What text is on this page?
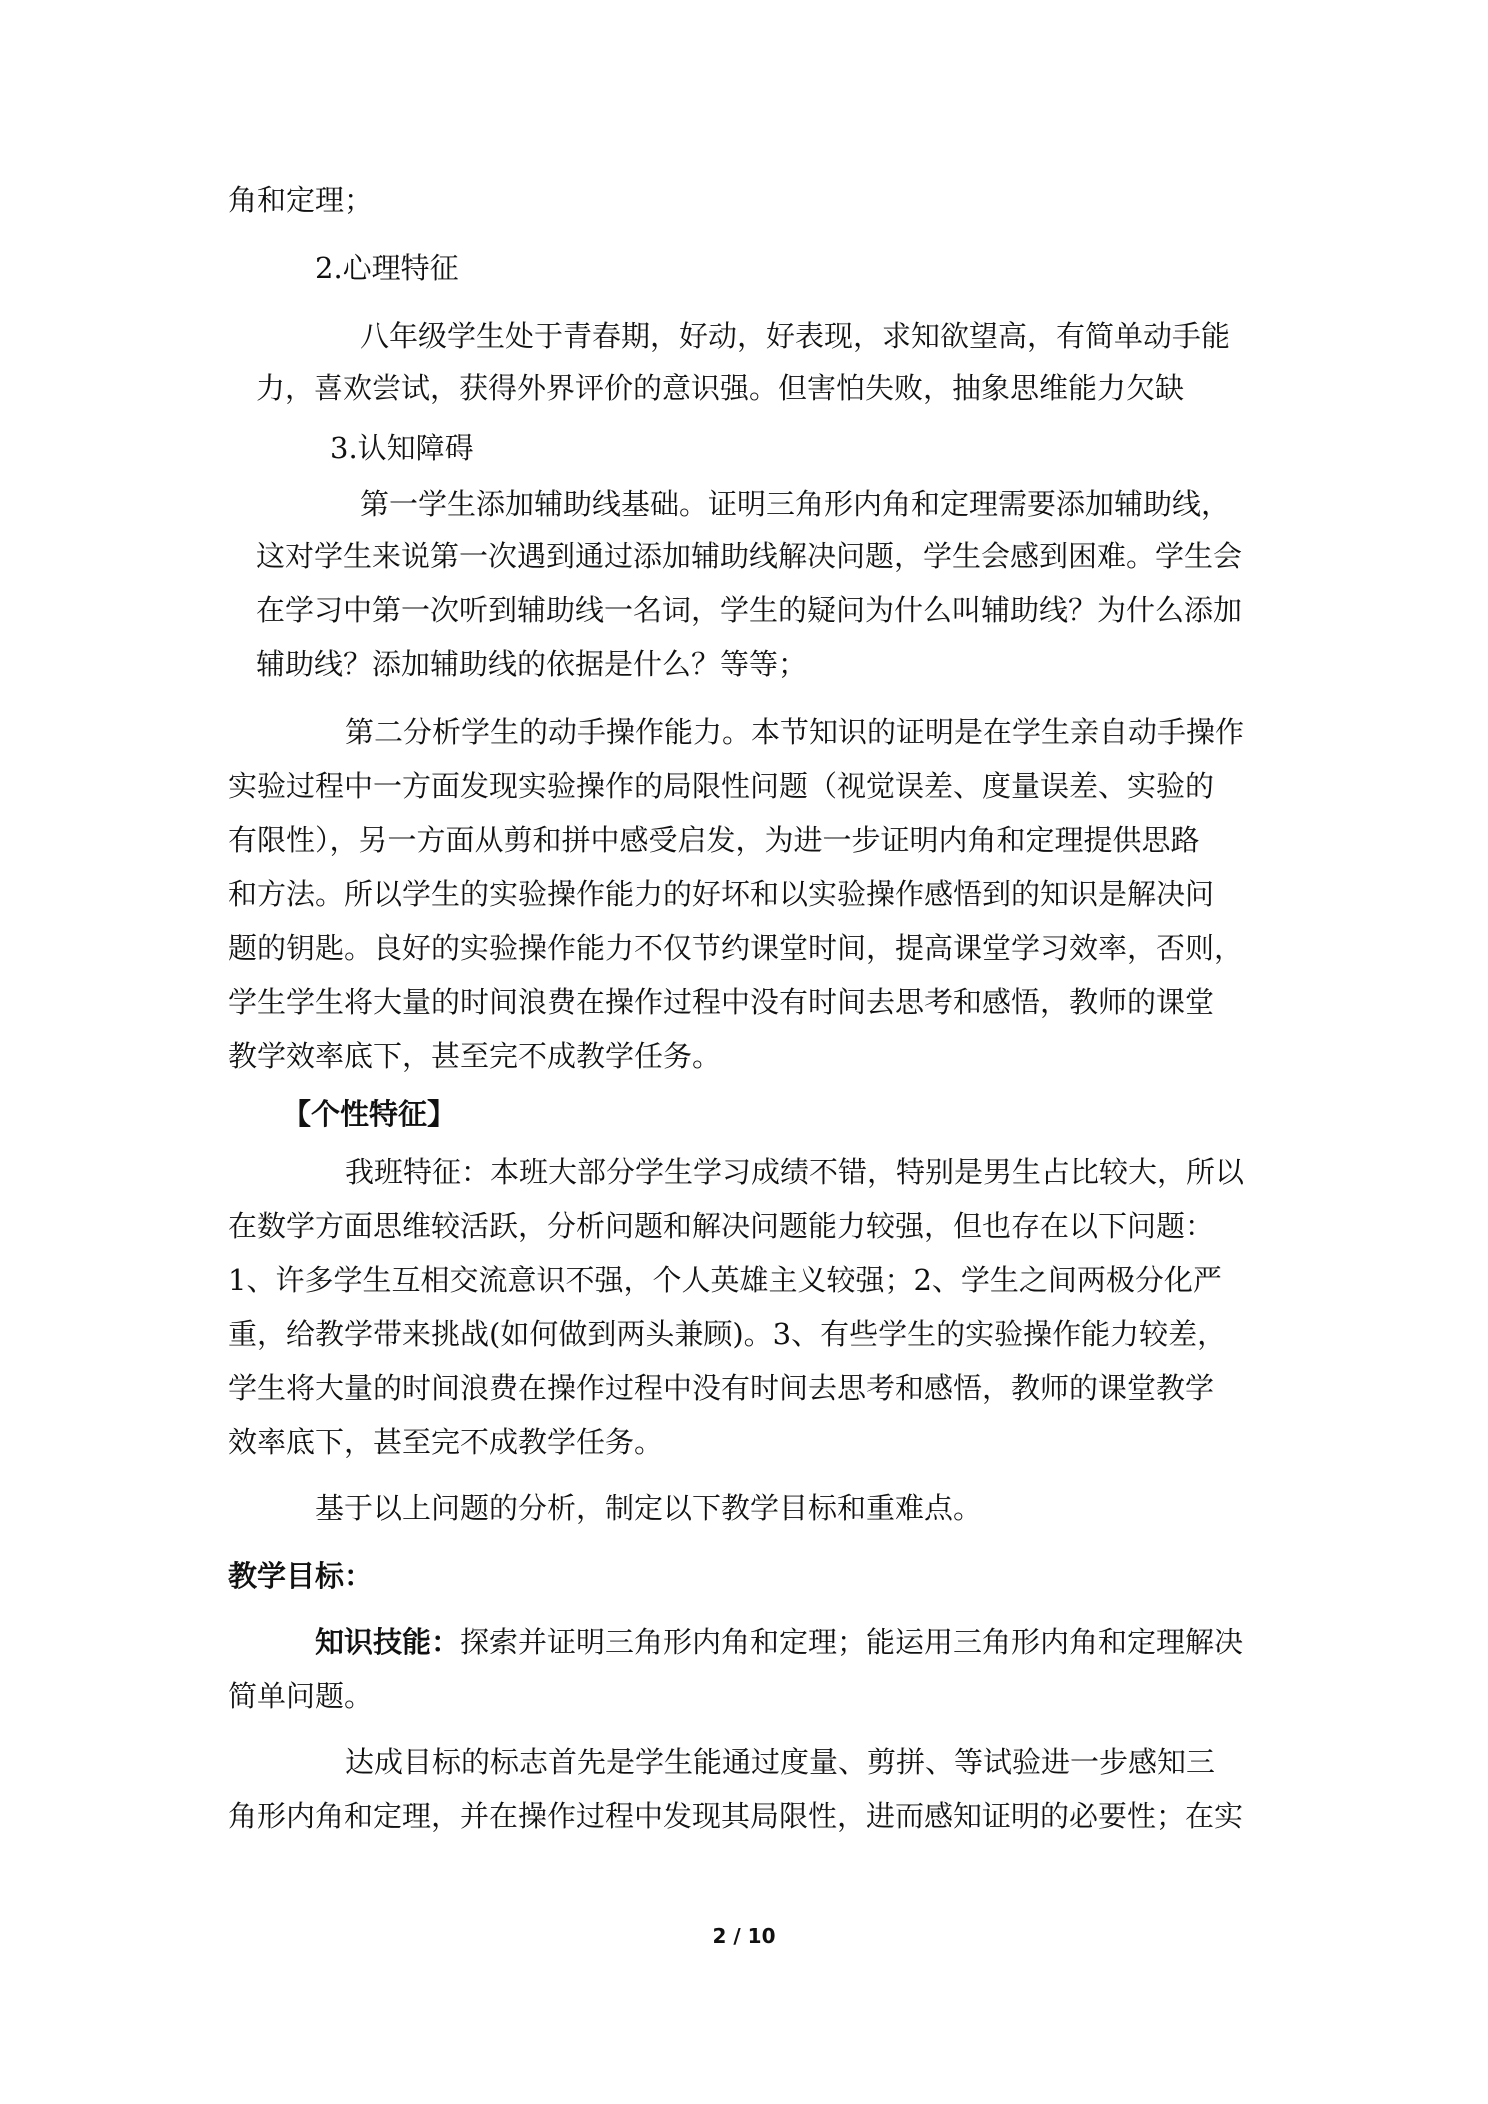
角和定理；
2.心理特征
八年级学生处于青春期，好动，好表现，求知欲望高，有简单动手能
力，喜欢尝试，获得外界评价的意识强。但害怕失败，抽象思维能力欠缺
3.认知障碍
第一学生添加辅助线基础。证明三角形内角和定理需要添加辅助线，
这对学生来说第一次遇到通过添加辅助线解决问题，学生会感到困难。学生会
在学习中第一次听到辅助线一名词，学生的疑问为什么叫辅助线？为什么添加
辅助线？添加辅助线的依据是什么？等等；
第二分析学生的动手操作能力。本节知识的证明是在学生亲自动手操作
实验过程中一方面发现实验操作的局限性问题（视觉误差、度量误差、实验的
有限性），另一方面从剪和拼中感受启发，为进一步证明内角和定理提供思路
和方法。所以学生的实验操作能力的好坏和以实验操作感悟到的知识是解决问
题的钥匙。良好的实验操作能力不仅节约课堂时间，提高课堂学习效率，否则，
学生学生将大量的时间浪费在操作过程中没有时间去思考和感悟，教师的课堂
教学效率底下，甚至完不成教学任务。
【个性特征】
我班特征：本班大部分学生学习成绩不错，特别是男生占比较大，所以
在数学方面思维较活跃，分析问题和解决问题能力较强，但也存在以下问题：
1、许多学生互相交流意识不强，个人英雄主义较强；2、学生之间两极分化严
重，给教学带来挑战(如何做到两头兼顾)。3、有些学生的实验操作能力较差，
学生将大量的时间浪费在操作过程中没有时间去思考和感悟，教师的课堂教学
效率底下，甚至完不成教学任务。
基于以上问题的分析，制定以下教学目标和重难点。
教学目标：
知识技能：探索并证明三角形内角和定理；能运用三角形内角和定理解决
简单问题。
达成目标的标志首先是学生能通过度量、剪拼、等试验进一步感知三
角形内角和定理，并在操作过程中发现其局限性，进而感知证明的必要性；在实
2 / 10
